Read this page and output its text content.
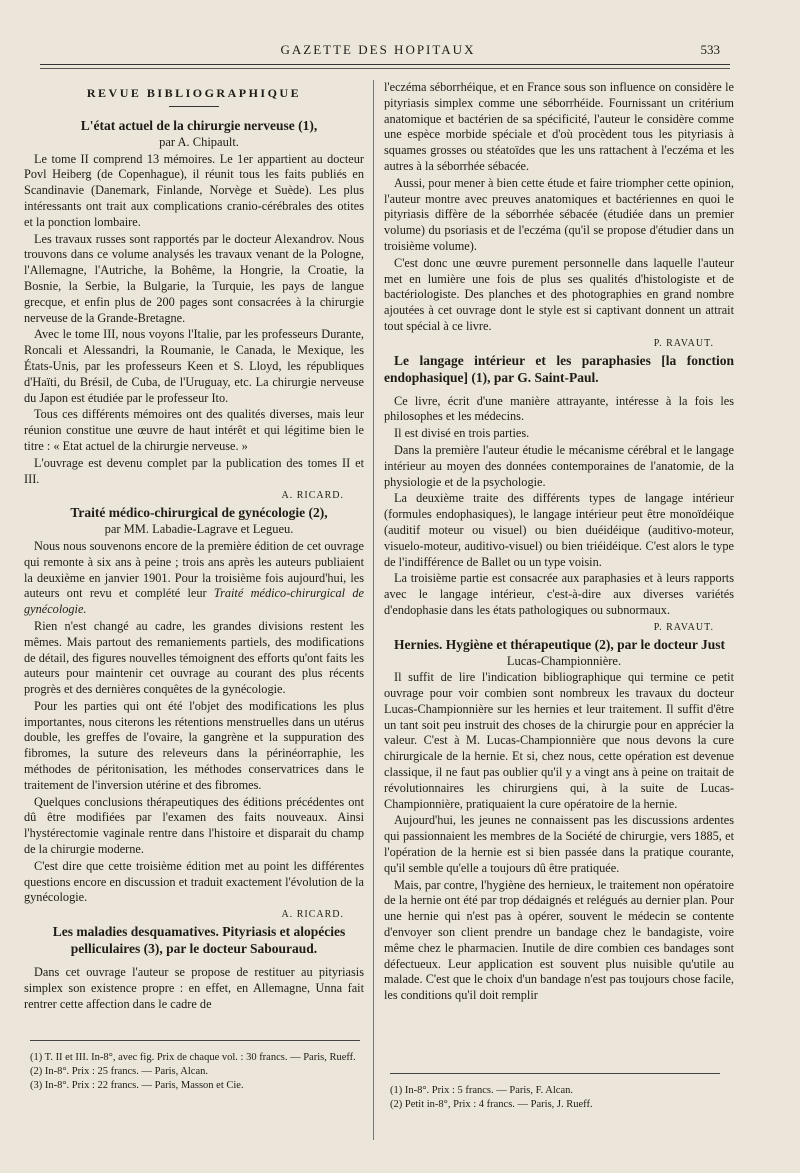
GAZETTE DES HOPITAUX	533
REVUE BIBLIOGRAPHIQUE

L'état actuel de la chirurgie nerveuse (1),

par A. Chipault.

Le tome II comprend 13 mémoires. Le 1er appartient au docteur Povl Heiberg (de Copenhague), il réunit tous les faits publiés en Scandinavie (Danemark, Finlande, Norvège et Suède). Les plus intéressants ont trait aux complications cranio-cérébrales des otites et la ponction lombaire.

Les travaux russes sont rapportés par le docteur Alexandrov. Nous trouvons dans ce volume analysés les travaux venant de la Pologne, l'Allemagne, l'Autriche, la Bohême, la Hongrie, la Croatie, la Bosnie, la Serbie, la Bulgarie, la Turquie, les pays de langue grecque, et enfin plus de 200 pages sont consacrées à la chirurgie nerveuse de la Grande-Bretagne.

Avec le tome III, nous voyons l'Italie, par les professeurs Durante, Roncali et Alessandri, la Roumanie, le Canada, le Mexique, les États-Unis, par les professeurs Keen et S. Lloyd, les républiques d'Haïti, du Brésil, de Cuba, de l'Uruguay, etc. La chirurgie nerveuse du Japon est étudiée par le professeur Ito.

Tous ces différents mémoires ont des qualités diverses, mais leur réunion constitue une œuvre de haut intérêt et qui légitime bien le titre : « Etat actuel de la chirurgie nerveuse. »

L'ouvrage est devenu complet par la publication des tomes II et III.

A. RICARD.

Traité médico-chirurgical de gynécologie (2),

par MM. Labadie-Lagrave et Legueu.

Nous nous souvenons encore de la première édition de cet ouvrage qui remonte à six ans à peine ; trois ans après les auteurs publiaient la deuxième en janvier 1901. Pour la troisième fois aujourd'hui, les auteurs ont revu et complété leur Traité médico-chirurgical de gynécologie.

Rien n'est changé au cadre, les grandes divisions restent les mêmes. Mais partout des remaniements partiels, des modifications de détail, des figures nouvelles témoignent des efforts qu'ont faits les auteurs pour maintenir cet ouvrage au courant des plus récents progrès et des dernières conquêtes de la gynécologie.

Pour les parties qui ont été l'objet des modifications les plus importantes, nous citerons les rétentions menstruelles dans un utérus double, les greffes de l'ovaire, la gangrène et la suppuration des fibromes, la suture des releveurs dans la périnéorraphie, les méthodes de péritonisation, les méthodes conservatrices dans le traitement de l'inversion utérine et des fibromes.

Quelques conclusions thérapeutiques des éditions précédentes ont dû être modifiées par l'examen des faits nouveaux. Ainsi l'hystérectomie vaginale rentre dans l'histoire et disparait du champ de la chirurgie moderne.

C'est dire que cette troisième édition met au point les différentes questions encore en discussion et traduit exactement l'évolution de la gynécologie.

A. RICARD.

Les maladies desquamatives. Pityriasis et alopécies pelliculaires (3), par le docteur Sabouraud.

Dans cet ouvrage l'auteur se propose de restituer au pityriasis simplex son existence propre : en effet, en Allemagne, Unna fait rentrer cette affection dans le cadre de

(1) T. II et III. In-8°, avec fig. Prix de chaque vol. : 30 francs. — Paris, Rueff.

(2) In-8°. Prix : 25 francs. — Paris, Alcan.

(3) In-8°. Prix : 22 francs. — Paris, Masson et Cie.

l'eczéma séborrhéique, et en France sous son influence on considère le pityriasis simplex comme une séborrhéide. Fournissant un critérium anatomique et bactérien de sa spécificité, l'auteur le considère comme une espèce morbide spéciale et d'où procèdent tous les pityriasis à squames grosses ou stéatoïdes que les uns rattachent à l'eczéma et les autres à la séborrhée sébacée.

Aussi, pour mener à bien cette étude et faire triompher cette opinion, l'auteur montre avec preuves anatomiques et bactériennes en quoi le pityriasis diffère de la séborrhée sébacée (étudiée dans un premier volume) du psoriasis et de l'eczéma (qu'il se propose d'étudier dans un troisième volume).

C'est donc une œuvre purement personnelle dans laquelle l'auteur met en lumière une fois de plus ses qualités d'histologiste et de bactériologiste. Des planches et des photographies en grand nombre ajoutées à cet ouvrage dont le style est si captivant donnent un attrait tout spécial à ce livre.

P. RAVAUT.

Le langage intérieur et les paraphasies [la fonction endophasique] (1), par G. Saint-Paul.

Ce livre, écrit d'une manière attrayante, intéresse à la fois les philosophes et les médecins.

Il est divisé en trois parties.

Dans la première l'auteur étudie le mécanisme cérébral et le langage intérieur au moyen des données contemporaines de l'anatomie, de la physiologie et de la psychologie.

La deuxième traite des différents types de langage intérieur (formules endophasiques), le langage intérieur peut être monoïdéique (auditif moteur ou visuel) ou bien duéidéique (auditivo-moteur, visuelo-moteur, auditivo-visuel) ou bien triéidéique. C'est alors le type de l'indifférence de Ballet ou un type voisin.

La troisième partie est consacrée aux paraphasies et à leurs rapports avec le langage intérieur, c'est-à-dire aux diverses variétés d'endophasie dans les états pathologiques ou subnormaux.

P. RAVAUT.

Hernies. Hygiène et thérapeutique (2), par le docteur Just

Lucas-Championnière.

Il suffit de lire l'indication bibliographique qui termine ce petit ouvrage pour voir combien sont nombreux les travaux du docteur Lucas-Championnière sur les hernies et leur traitement. Il suffit d'être un tant soit peu instruit des choses de la chirurgie pour en apprécier la valeur. C'est à M. Lucas-Championnière que nous devons la cure chirurgicale de la hernie. Et si, chez nous, cette opération est devenue classique, il ne faut pas oublier qu'il y a vingt ans à peine on traitait de révolutionnaires les chirurgiens qui, à la suite de Lucas-Championnière, pratiquaient la cure opératoire de la hernie.

Aujourd'hui, les jeunes ne connaissent pas les discussions ardentes qui passionnaient les membres de la Société de chirurgie, vers 1885, et l'opération de la hernie est si bien passée dans la pratique courante, qu'il semble qu'elle a toujours dû être pratiquée.

Mais, par contre, l'hygiène des hernieux, le traitement non opératoire de la hernie ont été par trop dédaignés et relégués au dernier plan. Pour une hernie qui n'est pas à opérer, souvent le médecin se contente d'envoyer son client prendre un bandage chez le bandagiste, voire même chez le pharmacien. Inutile de dire combien ces bandages sont défectueux. Leur application est souvent plus nuisible qu'utile au malade. C'est que le choix d'un bandage n'est pas toujours chose facile, les conditions qu'il doit remplir

(1) In-8°. Prix : 5 francs. — Paris, F. Alcan.

(2) Petit in-8°, Prix : 4 francs. — Paris, J. Rueff.
